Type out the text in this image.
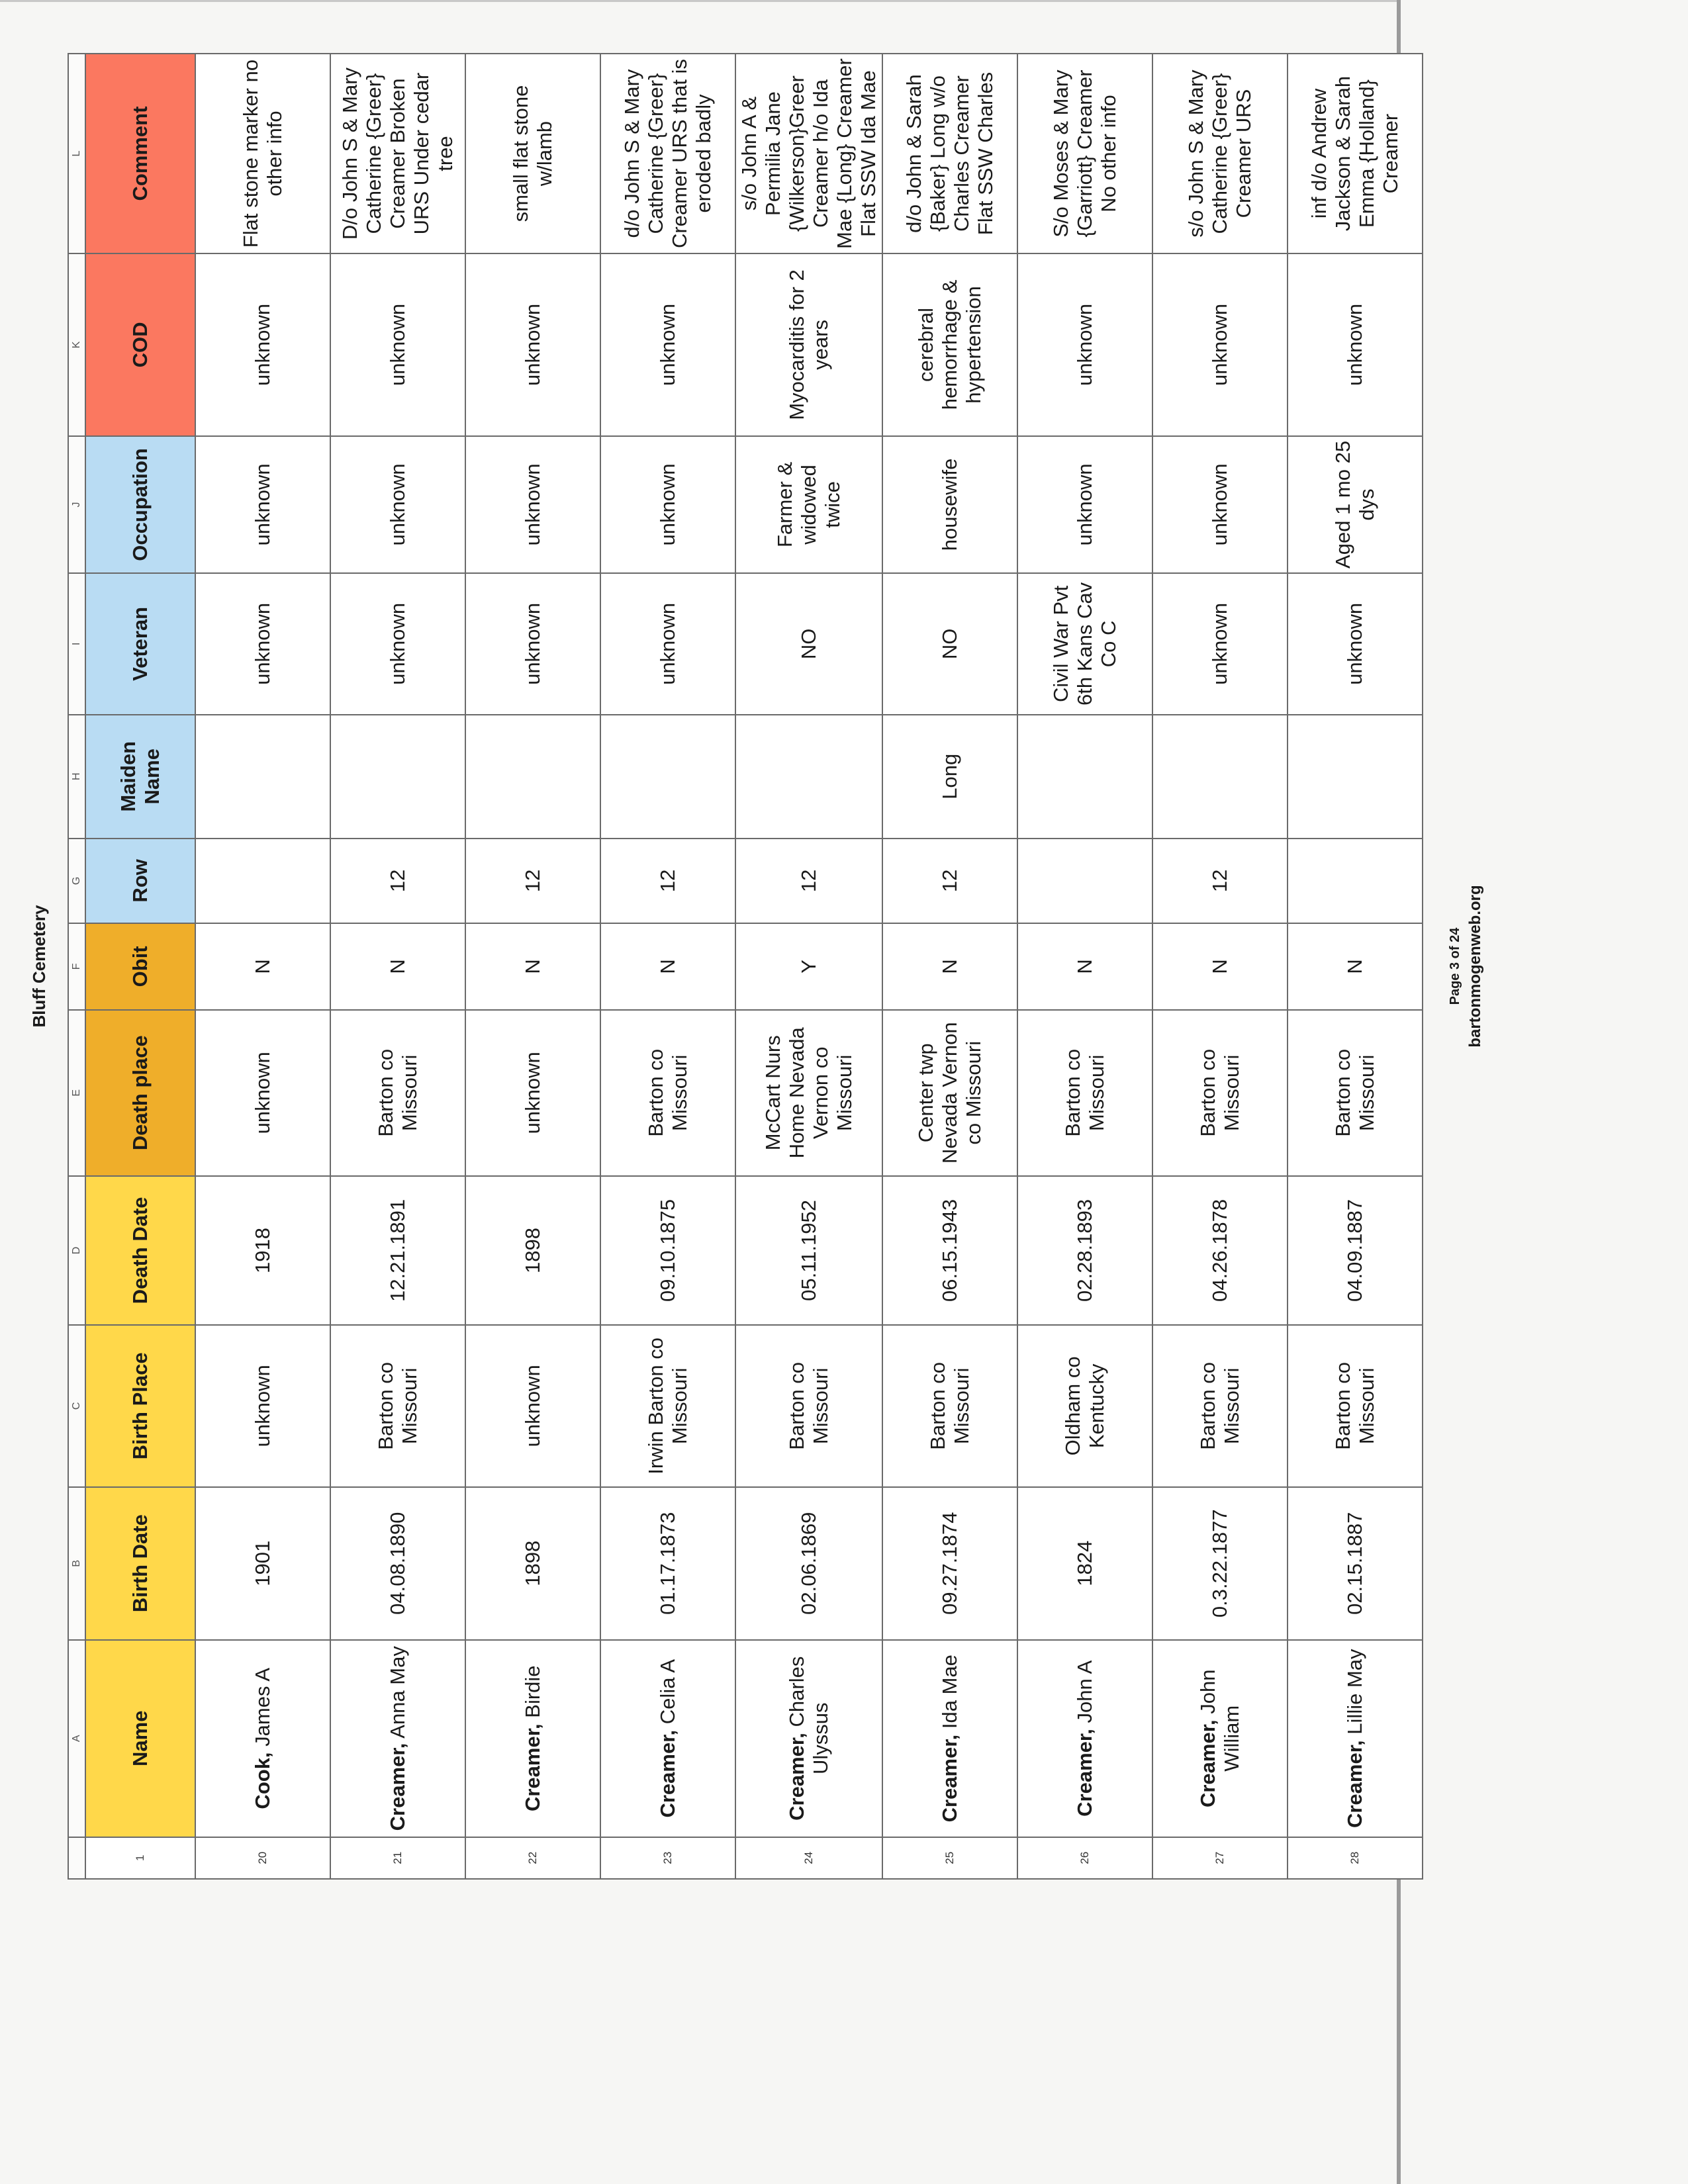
Bluff Cemetery
	A	B	C	D	E	F	G	H	I	J	K	L
1	Name	Birth Date	Birth Place	Death Date	Death place	Obit	Row	Maiden Name	Veteran	Occupation	COD	Comment
20	Cook, James A	1901	unknown	1918	unknown	N			unknown	unknown	unknown	Flat stone marker no other info
21	Creamer, Anna May	04.08.1890	Barton co Missouri	12.21.1891	Barton co Missouri	N	12		unknown	unknown	unknown	D/o John S & Mary Catherine {Greer} Creamer Broken URS Under cedar tree
22	Creamer, Birdie	1898	unknown	1898	unknown	N	12		unknown	unknown	unknown	small flat stone w/lamb
23	Creamer, Celia A	01.17.1873	Irwin Barton co Missouri	09.10.1875	Barton co Missouri	N	12		unknown	unknown	unknown	d/o John S & Mary Catherine {Greer} Creamer URS that is eroded badly
24	Creamer, Charles Ulyssus	02.06.1869	Barton co Missouri	05.11.1952	McCart Nurs Home Nevada Vernon co Missouri	Y	12		NO	Farmer & widowed twice	Myocarditis for 2 years	s/o John A & Permilia Jane {Wilkerson}Greer Creamer h/o Ida Mae {Long} Creamer Flat SSW Ida Mae
25	Creamer, Ida Mae	09.27.1874	Barton co Missouri	06.15.1943	Center twp Nevada Vernon co Missouri	N	12	Long	NO	housewife	cerebral hemorrhage & hypertension	d/o John & Sarah {Baker} Long w/o Charles Creamer Flat SSW Charles
26	Creamer, John A	1824	Oldham co Kentucky	02.28.1893	Barton co Missouri	N			Civil War Pvt 6th Kans Cav Co C	unknown	unknown	S/o Moses & Mary {Garriott} Creamer No other info
27	Creamer, John William	0.3.22.1877	Barton co Missouri	04.26.1878	Barton co Missouri	N	12		unknown	unknown	unknown	s/o John S & Mary Catherine {Greer} Creamer URS
28	Creamer, Lillie May	02.15.1887	Barton co Missouri	04.09.1887	Barton co Missouri	N			unknown	Aged 1 mo 25 dys	unknown	inf d/o Andrew Jackson & Sarah Emma {Holland} Creamer
Page 3 of 24 bartonmogenweb.org
